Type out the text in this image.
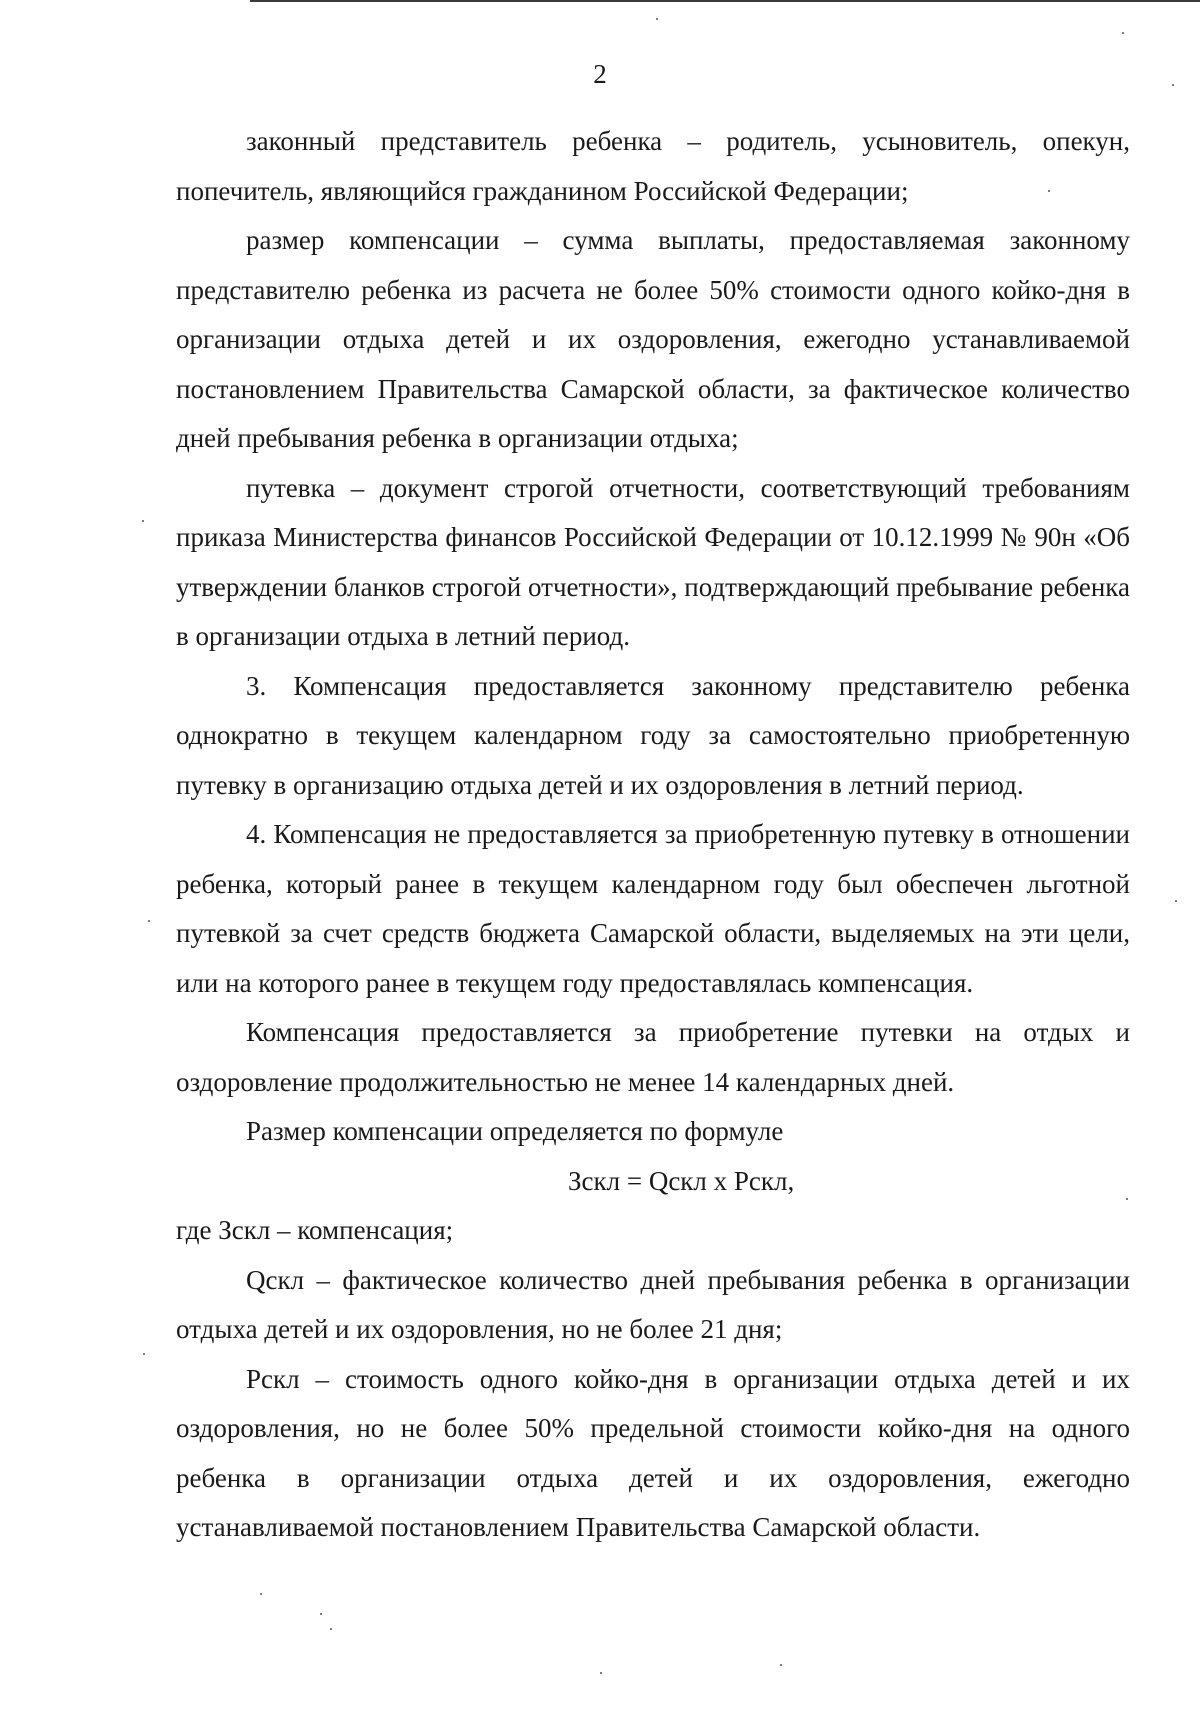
2

законный представитель ребенка – родитель, усыновитель, опекун, попечитель, являющийся гражданином Российской Федерации;

размер компенсации – сумма выплаты, предоставляемая законному представителю ребенка из расчета не более 50% стоимости одного койко-дня в организации отдыха детей и их оздоровления, ежегодно устанавливаемой постановлением Правительства Самарской области, за фактическое количество дней пребывания ребенка в организации отдыха;

путевка – документ строгой отчетности, соответствующий требованиям приказа Министерства финансов Российской Федерации от 10.12.1999 № 90н «Об утверждении бланков строгой отчетности», подтверждающий пребывание ребенка в организации отдыха в летний период.

3. Компенсация предоставляется законному представителю ребенка однократно в текущем календарном году за самостоятельно приобретенную путевку в организацию отдыха детей и их оздоровления в летний период.

4. Компенсация не предоставляется за приобретенную путевку в отношении ребенка, который ранее в текущем календарном году был обеспечен льготной путевкой за счет средств бюджета Самарской области, выделяемых на эти цели, или на которого ранее в текущем году предоставлялась компенсация.

Компенсация предоставляется за приобретение путевки на отдых и оздоровление продолжительностью не менее 14 календарных дней.

Размер компенсации определяется по формуле

Зскл = Qскл х Рскл,

где Зскл – компенсация;

Qскл – фактическое количество дней пребывания ребенка в организации отдыха детей и их оздоровления, но не более 21 дня;

Рскл – стоимость одного койко-дня в организации отдыха детей и их оздоровления, но не более 50% предельной стоимости койко-дня на одного ребенка в организации отдыха детей и их оздоровления, ежегодно устанавливаемой постановлением Правительства Самарской области.
